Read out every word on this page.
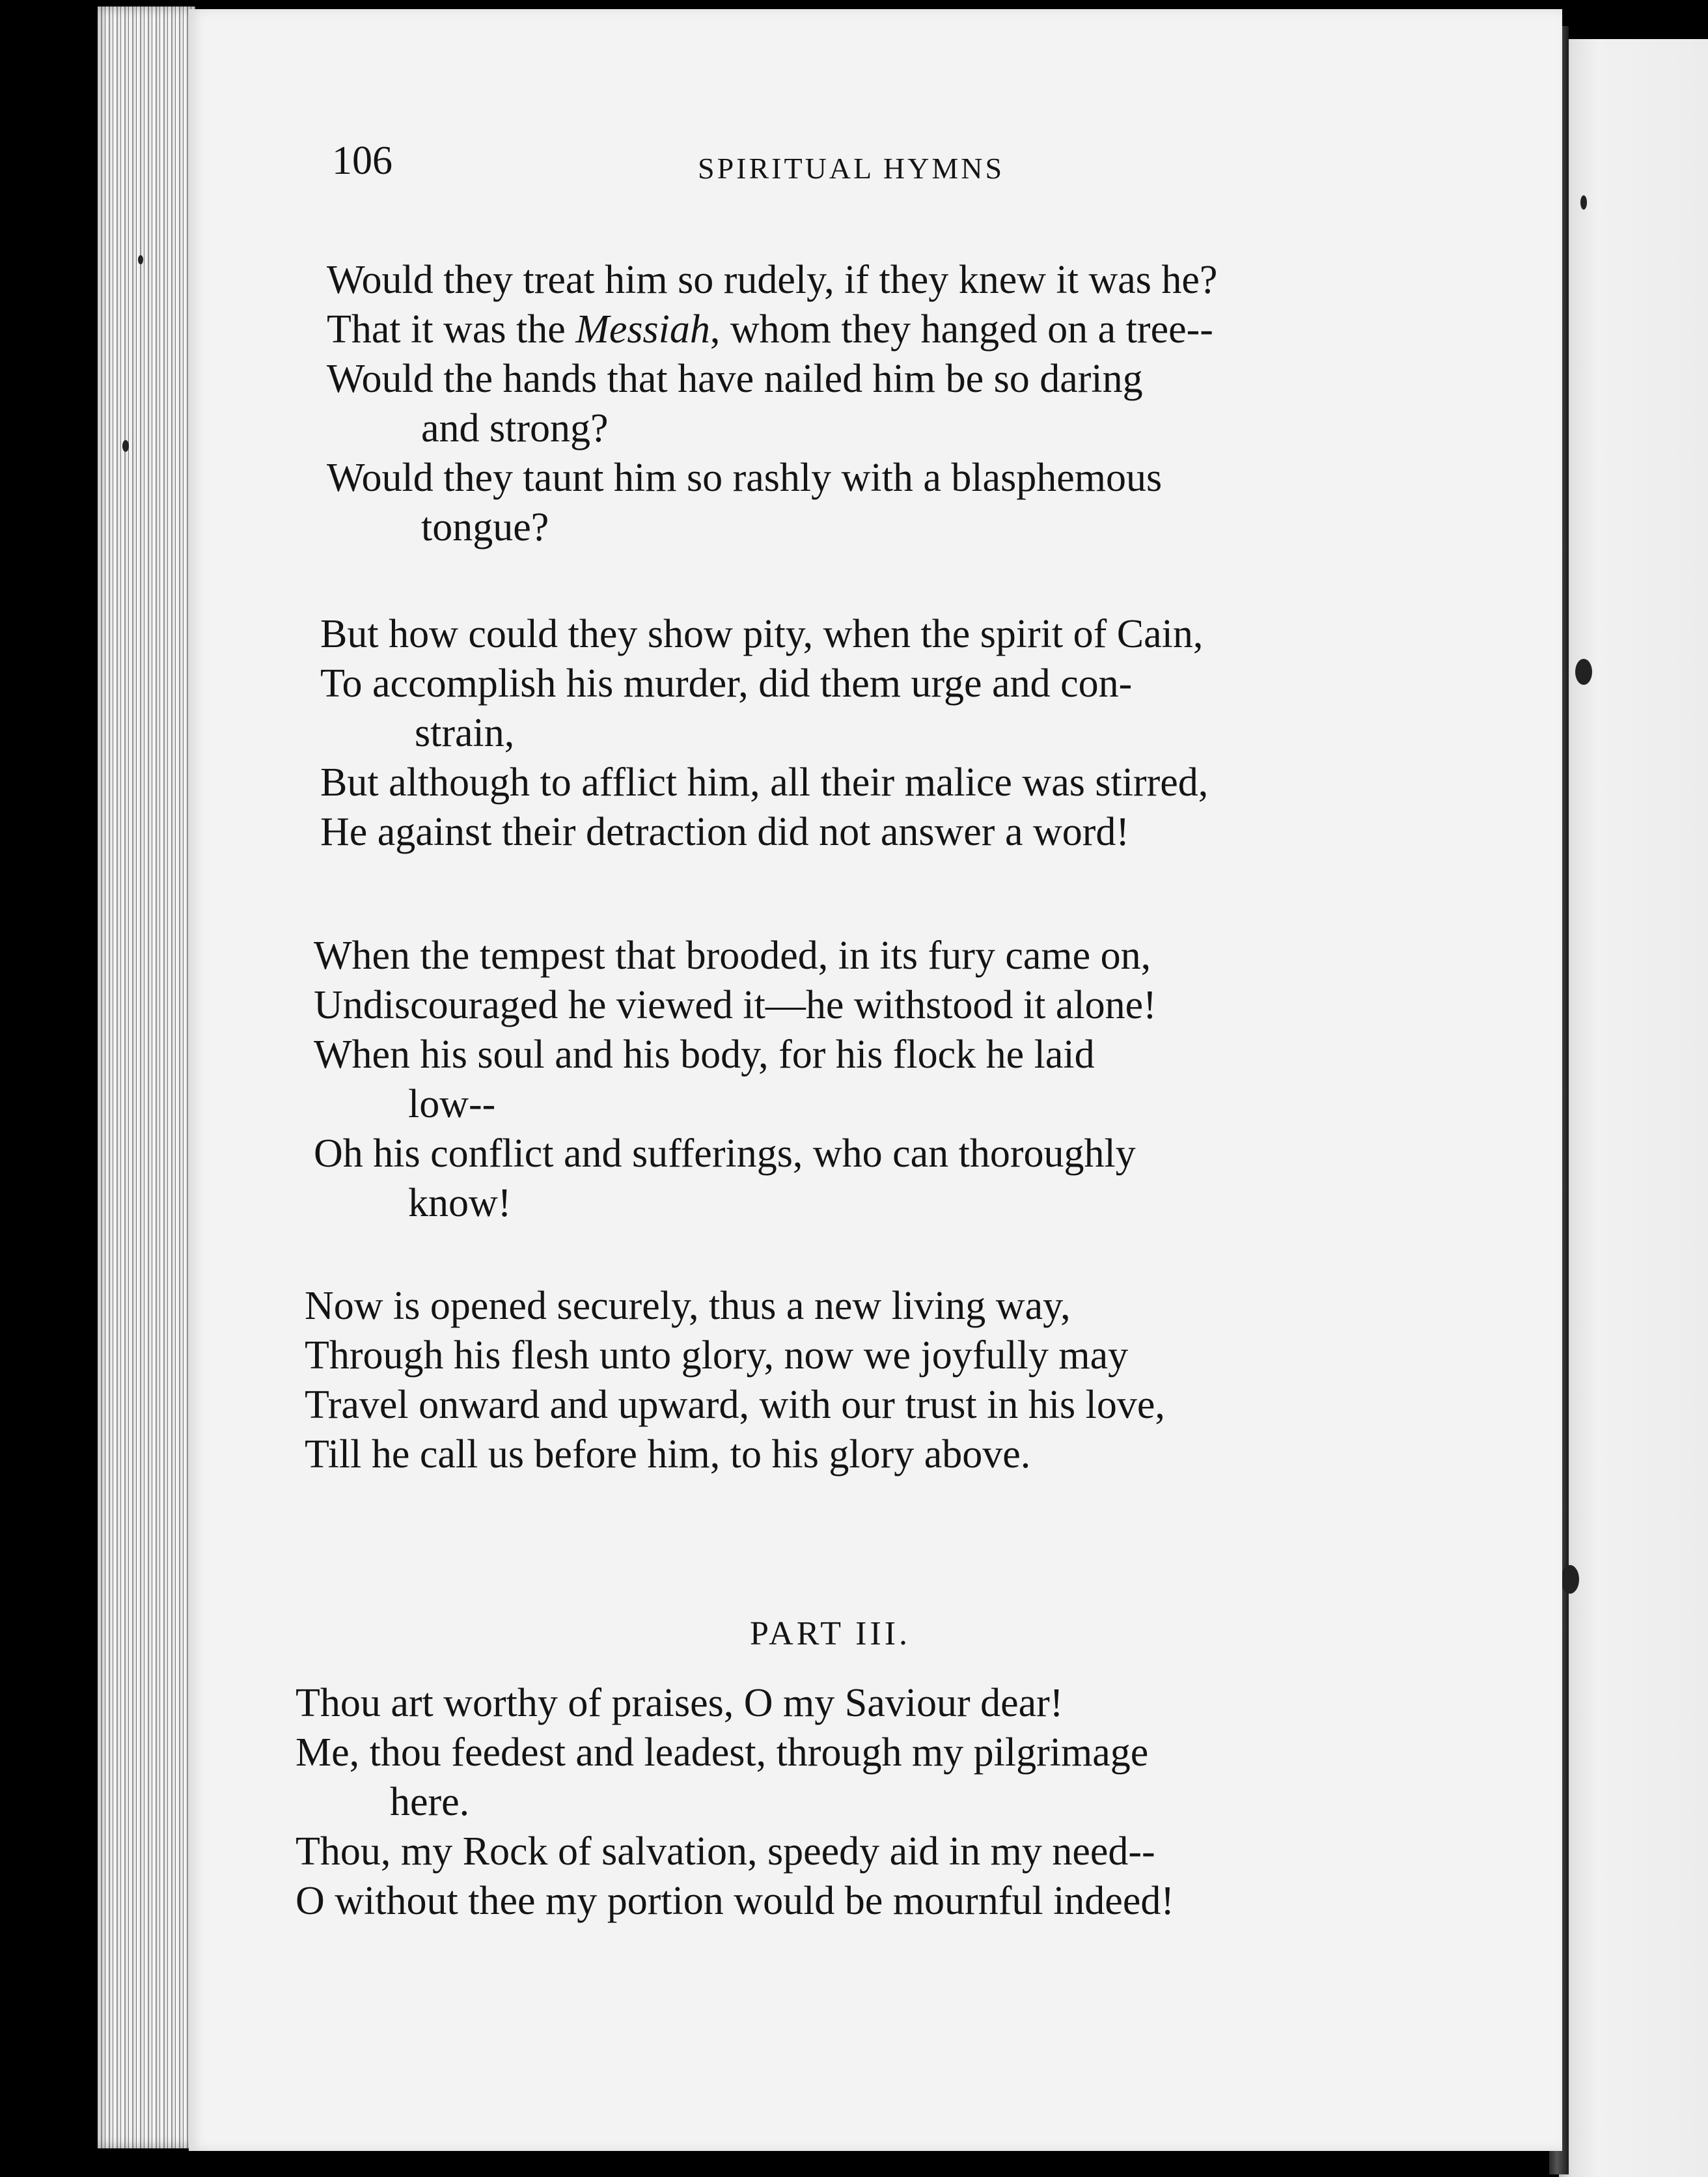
106	SPIRITUAL HYMNS
Would they treat him so rudely, if they knew it was he?
That it was the Messiah, whom they hanged on a tree--
Would the hands that have nailed him be so daring
and strong?
Would they taunt him so rashly with a blasphemous
tongue?
But how could they show pity, when the spirit of Cain,
To accomplish his murder, did them urge and con-
strain,
But although to afflict him, all their malice was stirred,
He against their detraction did not answer a word!
When the tempest that brooded, in its fury came on,
Undiscouraged he viewed it—he withstood it alone!
When his soul and his body, for his flock he laid
low--
Oh his conflict and sufferings, who can thoroughly
know!
Now is opened securely, thus a new living way,
Through his flesh unto glory, now we joyfully may
Travel onward and upward, with our trust in his love,
Till he call us before him, to his glory above.
PART III.
Thou art worthy of praises, O my Saviour dear!
Me, thou feedest and leadest, through my pilgrimage
here.
Thou, my Rock of salvation, speedy aid in my need--
O without thee my portion would be mournful indeed!
